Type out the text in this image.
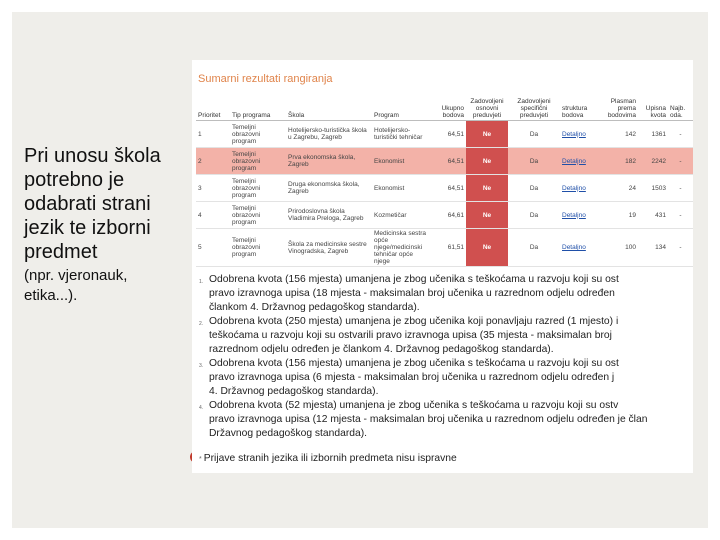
Pri unosu škola potrebno je odabrati strani jezik te izborni predmet
(npr. vjeronauk, etika...).
Sumarni rezultati rangiranja
Prioritet	Tip programa	Škola	Program	Ukupno bodova	Zadovoljeni osnovni preduvjeti	Zadovoljeni specifični preduvjeti	struktura bodova	Plasman prema bodovima	Upisna kvota	Najb. oda.
1	Temeljni obrazovni program	Hotelijersko-turistička škola u Zagrebu, Zagreb	Hotelijersko-turistički tehničar	64,51	Ne	Da	Detaljno	142	1361	-
2	Temeljni obrazovni program	Prva ekonomska škola, Zagreb	Ekonomist	64,51	Ne	Da	Detaljno	182	2242	-
3	Temeljni obrazovni program	Druga ekonomska škola, Zagreb	Ekonomist	64,51	Ne	Da	Detaljno	24	1503	-
4	Temeljni obrazovni program	Prirodoslovna škola Vladimira Preloga, Zagreb	Kozmetičar	64,61	Ne	Da	Detaljno	19	431	-
5	Temeljni obrazovni program	Škola za medicinske sestre Vinogradska, Zagreb	Medicinska sestra opće njege/medicinski tehničar opće njege	61,51	Ne	Da	Detaljno	100	134	-
1. Odobrena kvota (156 mjesta) umanjena je zbog učenika s teškoćama u razvoju koji su ost
pravo izravnoga upisa (18 mjesta - maksimalan broj učenika u razrednom odjelu određen
člankom 4. Državnog pedagoškog standarda).
2. Odobrena kvota (250 mjesta) umanjena je zbog učenika koji ponavljaju razred (1 mjesto) i
teškoćama u razvoju koji su ostvarili pravo izravnoga upisa (35 mjesta - maksimalan broj
razrednom odjelu određen je člankom 4. Državnog pedagoškog standarda).
3. Odobrena kvota (156 mjesta) umanjena je zbog učenika s teškoćama u razvoju koji su ost
pravo izravnoga upisa (6 mjesta - maksimalan broj učenika u razrednom odjelu određen j
4. Državnog pedagoškog standarda).
4. Odobrena kvota (52 mjesta) umanjena je zbog učenika s teškoćama u razvoju koji su ostv
pravo izravnoga upisa (12 mjesta - maksimalan broj učenika u razrednom odjelu određen je član
Državnog pedagoškog standarda).
* Prijave stranih jezika ili izbornih predmeta nisu ispravne
